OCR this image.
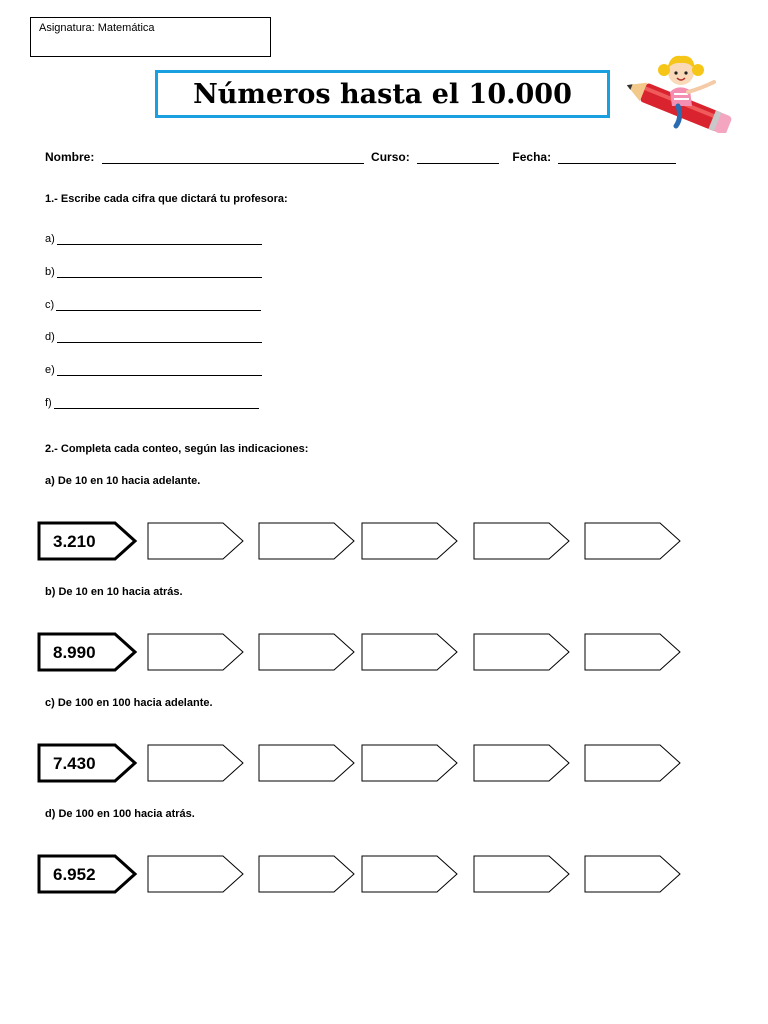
Asignatura: Matemática
Números hasta el 10.000
Nombre:	Curso:	Fecha:
1.- Escribe cada cifra que dictará tu profesora:
a)
b)
c)
d)
e)
f)
2.- Completa cada conteo, según las indicaciones:
a) De 10 en 10 hacia adelante.
3.210
b) De 10 en 10 hacia atrás.
8.990
c) De 100 en 100 hacia adelante.
7.430
d) De 100 en 100 hacia atrás.
6.952
